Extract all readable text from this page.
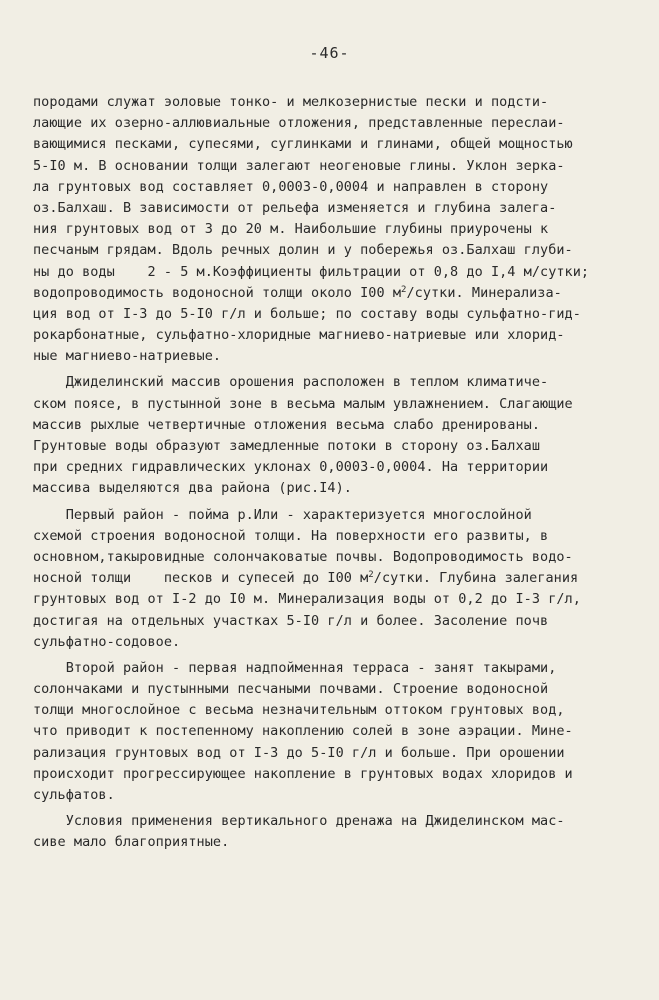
-46-
породами служат эоловые тонко- и мелкозернистые пески и подсти-
лающие их озерно-аллювиальные отложения, представленные перeслаи-
вающимися песками, супесями, суглинками и глинами, общей мощностью
5-I0 м. В основании толщи залегают неогеновые глины. Уклон зерка-
ла грунтовых вод составляет 0,0003-0,0004 и направлен в сторону
оз.Балхаш. В зависимости от рельефа изменяется и глубина залега-
ния грунтовых вод от 3 до 20 м. Наибольшие глубины приурочены к
песчаным грядам. Вдоль речных долин и у побережья оз.Балхаш глуби-
ны до воды    2 - 5 м.Коэффициенты фильтрации от 0,8 до I,4 м/сутки;
водопроводимость водоносной толщи около I00 $м^2$/сутки. Минерализа-
ция вод от I-3 до 5-I0 г/л и больше; по составу воды сульфатно-гид-
рокарбонатные, сульфатно-хлоридные магниево-натриевые или хлорид-
ные магниево-натриевые.
Джиделинский массив орошения расположен в теплом климатиче-
ском поясе, в пустынной зоне в весьма малым увлажнением. Слагающие
массив рыхлые четвертичные отложения весьма слабо дренированы.
Грунтовые воды образуют замедленные потоки в сторону оз.Балхаш
при средних гидравлических уклонах 0,0003-0,0004. На территории
массива выделяются два района (рис.I4).
Первый район - пойма р.Или - характеризуется многослойной
схемой строения водоносной толщи. На поверхности его развиты, в
основном,такыровидные солончаковатые почвы. Водопроводимость водо-
носной толщи    песков и супесей до I00 $м^2$/сутки. Глубина залегания
грунтовых вод от I-2 до I0 м. Минерализация воды от 0,2 до I-3 г/л,
достигая на отдельных участках 5-I0 г/л и более. Засоление почв
сульфатно-содовое.
Второй район - первая надпойменная терраса - занят такырами,
солончаками и пустынными песчаными почвами. Строение водоносной
толщи многослойное с весьма незначительным оттоком грунтовых вод,
что приводит к постепенному накоплению солей в зоне аэрации. Мине-
рализация грунтовых вод от I-3 до 5-I0 г/л и больше. При орошении
происходит прогрессирующее накопление в грунтовых водах хлоридов и
сульфатов.
Условия применения вертикального дренажа на Джиделинском мас-
сиве мало благоприятные.
